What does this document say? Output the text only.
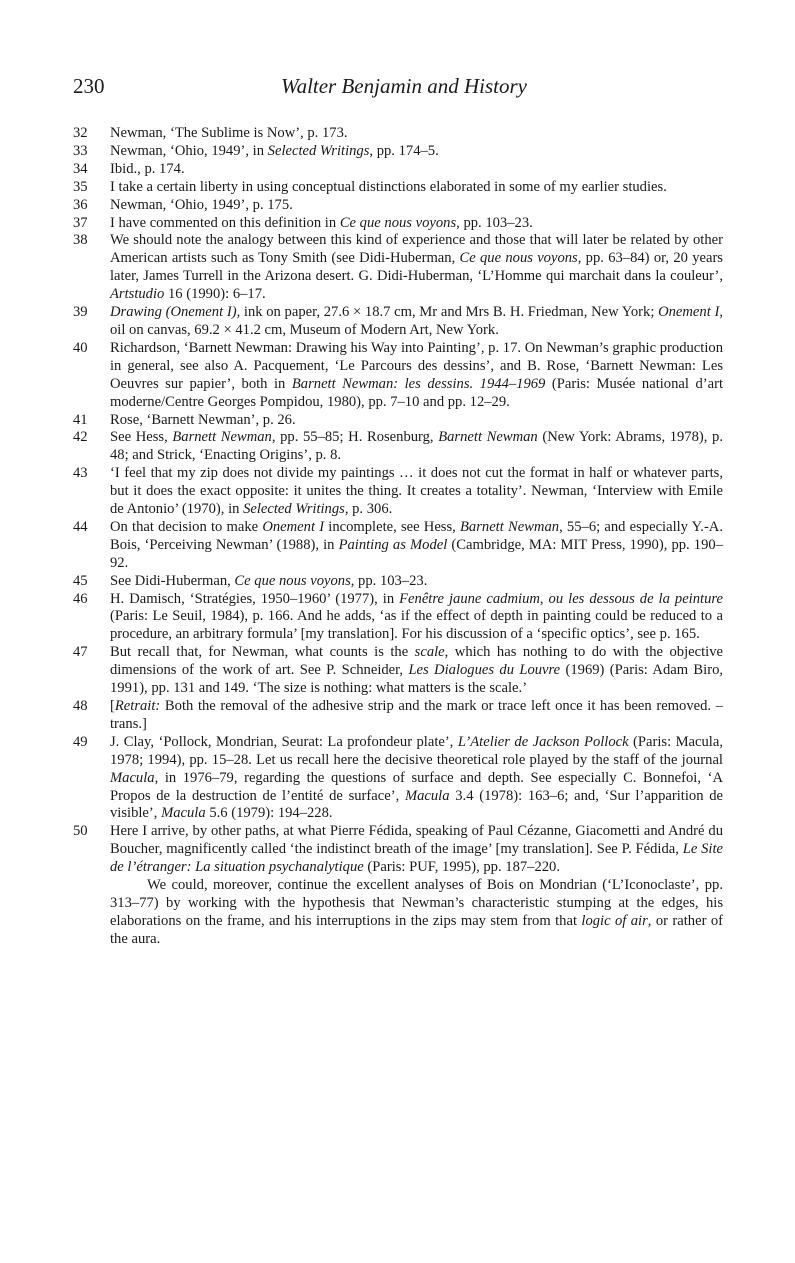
230	Walter Benjamin and History
32	Newman, ‘The Sublime is Now’, p. 173.
33	Newman, ‘Ohio, 1949’, in Selected Writings, pp. 174–5.
34	Ibid., p. 174.
35	I take a certain liberty in using conceptual distinctions elaborated in some of my earlier studies.
36	Newman, ‘Ohio, 1949’, p. 175.
37	I have commented on this definition in Ce que nous voyons, pp. 103–23.
38	We should note the analogy between this kind of experience and those that will later be related by other American artists such as Tony Smith (see Didi-Huberman, Ce que nous voyons, pp. 63–84) or, 20 years later, James Turrell in the Arizona desert. G. Didi-Huberman, ‘L’Homme qui marchait dans la couleur’, Artstudio 16 (1990): 6–17.
39	Drawing (Onement I), ink on paper, 27.6 × 18.7 cm, Mr and Mrs B. H. Friedman, New York; Onement I, oil on canvas, 69.2 × 41.2 cm, Museum of Modern Art, New York.
40	Richardson, ‘Barnett Newman: Drawing his Way into Painting’, p. 17. On Newman’s graphic production in general, see also A. Pacquement, ‘Le Parcours des dessins’, and B. Rose, ‘Barnett Newman: Les Oeuvres sur papier’, both in Barnett Newman: les dessins. 1944–1969 (Paris: Musée national d’art moderne/Centre Georges Pompidou, 1980), pp. 7–10 and pp. 12–29.
41	Rose, ‘Barnett Newman’, p. 26.
42	See Hess, Barnett Newman, pp. 55–85; H. Rosenburg, Barnett Newman (New York: Abrams, 1978), p. 48; and Strick, ‘Enacting Origins’, p. 8.
43	‘I feel that my zip does not divide my paintings … it does not cut the format in half or whatever parts, but it does the exact opposite: it unites the thing. It creates a totality’. Newman, ‘Interview with Emile de Antonio’ (1970), in Selected Writings, p. 306.
44	On that decision to make Onement I incomplete, see Hess, Barnett Newman, 55–6; and especially Y.-A. Bois, ‘Perceiving Newman’ (1988), in Painting as Model (Cambridge, MA: MIT Press, 1990), pp. 190–92.
45	See Didi-Huberman, Ce que nous voyons, pp. 103–23.
46	H. Damisch, ‘Stratégies, 1950–1960’ (1977), in Fenêtre jaune cadmium, ou les dessous de la peinture (Paris: Le Seuil, 1984), p. 166. And he adds, ‘as if the effect of depth in painting could be reduced to a procedure, an arbitrary formula’ [my translation]. For his discussion of a ‘specific optics’, see p. 165.
47	But recall that, for Newman, what counts is the scale, which has nothing to do with the objective dimensions of the work of art. See P. Schneider, Les Dialogues du Louvre (1969) (Paris: Adam Biro, 1991), pp. 131 and 149. ‘The size is nothing: what matters is the scale.’
48	[Retrait: Both the removal of the adhesive strip and the mark or trace left once it has been removed. – trans.]
49	J. Clay, ‘Pollock, Mondrian, Seurat: La profondeur plate’, L’Atelier de Jackson Pollock (Paris: Macula, 1978; 1994), pp. 15–28. Let us recall here the decisive theoretical role played by the staff of the journal Macula, in 1976–79, regarding the questions of surface and depth. See especially C. Bonnefoi, ‘A Propos de la destruction de l’entité de surface’, Macula 3.4 (1978): 163–6; and, ‘Sur l’apparition de visible’, Macula 5.6 (1979): 194–228.
50	Here I arrive, by other paths, at what Pierre Fédida, speaking of Paul Cézanne, Giacometti and André du Boucher, magnificently called ‘the indistinct breath of the image’ [my translation]. See P. Fédida, Le Site de l’étranger: La situation psychanalytique (Paris: PUF, 1995), pp. 187–220.
We could, moreover, continue the excellent analyses of Bois on Mondrian (‘L’Iconoclaste’, pp. 313–77) by working with the hypothesis that Newman’s characteristic stumping at the edges, his elaborations on the frame, and his interruptions in the zips may stem from that logic of air, or rather of the aura.
